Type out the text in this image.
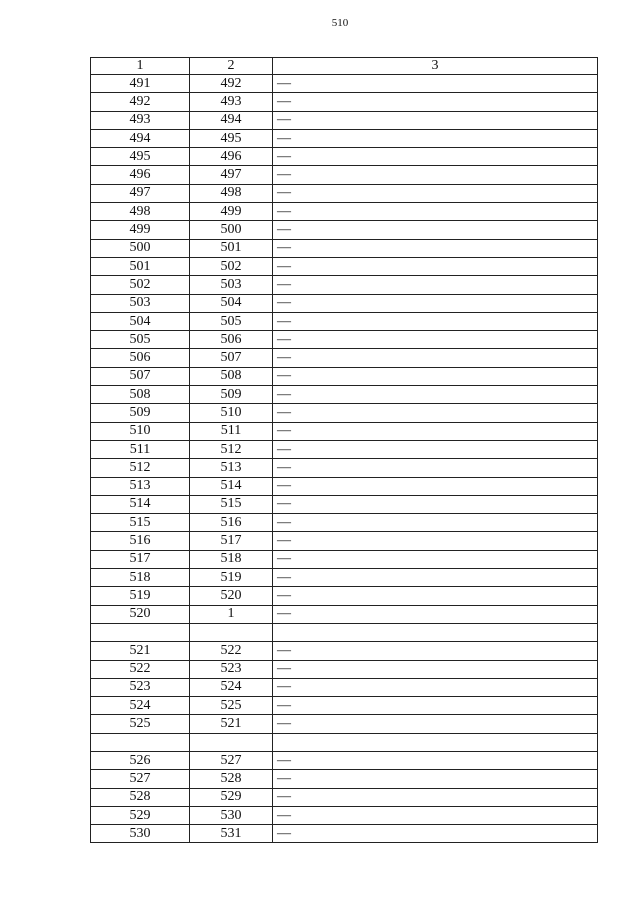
510
1	2	3
491	492	—
492	493	—
493	494	—
494	495	—
495	496	—
496	497	—
497	498	—
498	499	—
499	500	—
500	501	—
501	502	—
502	503	—
503	504	—
504	505	—
505	506	—
506	507	—
507	508	—
508	509	—
509	510	—
510	511	—
511	512	—
512	513	—
513	514	—
514	515	—
515	516	—
516	517	—
517	518	—
518	519	—
519	520	—
520	1	—

521	522	—
522	523	—
523	524	—
524	525	—
525	521	—

526	527	—
527	528	—
528	529	—
529	530	—
530	531	—
